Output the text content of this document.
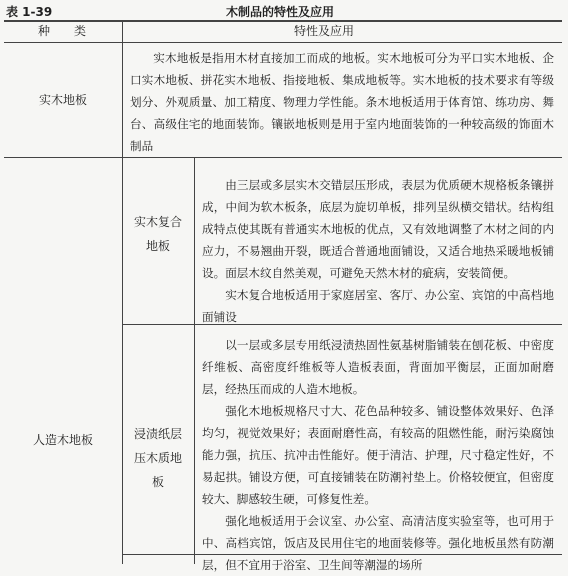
表 1-39	木制品的特性及应用
种　　类	特性及应用
实木地板

实木地板是指用木材直接加工而成的地板。实木地板可分为平口实木地板、企口实木地板、拼花实木地板、指接地板、集成地板等。实木地板的技术要求有等级划分、外观质量、加工精度、物理力学性能。条木地板适用于体育馆、练功房、舞台、高级住宅的地面装饰。镶嵌地板则是用于室内地面装饰的一种较高级的饰面木制品

人造木地板
实木复合地板

由三层或多层实木交错层压形成，表层为优质硬木规格板条镶拼成，中间为软木板条，底层为旋切单板，排列呈纵横交错状。结构组成特点使其既有普通实木地板的优点，又有效地调整了木材之间的内应力，不易翘曲开裂，既适合普通地面铺设，又适合地热采暖地板铺设。面层木纹自然美观，可避免天然木材的疵病，安装简便。

实木复合地板适用于家庭居室、客厅、办公室、宾馆的中高档地面铺设

浸渍纸层压木质地板

以一层或多层专用纸浸渍热固性氨基树脂铺装在刨花板、中密度纤维板、高密度纤维板等人造板表面，背面加平衡层，正面加耐磨层，经热压而成的人造木地板。

强化木地板规格尺寸大、花色品种较多、铺设整体效果好、色泽均匀，视觉效果好；表面耐磨性高，有较高的阻燃性能，耐污染腐蚀能力强，抗压、抗冲击性能好。便于清洁、护理，尺寸稳定性好，不易起拱。铺设方便，可直接铺装在防潮衬垫上。价格较便宜，但密度较大、脚感较生硬，可修复性差。

强化地板适用于会议室、办公室、高清洁度实验室等，也可用于中、高档宾馆，饭店及民用住宅的地面装修等。强化地板虽然有防潮层，但不宜用于浴室、卫生间等潮湿的场所
